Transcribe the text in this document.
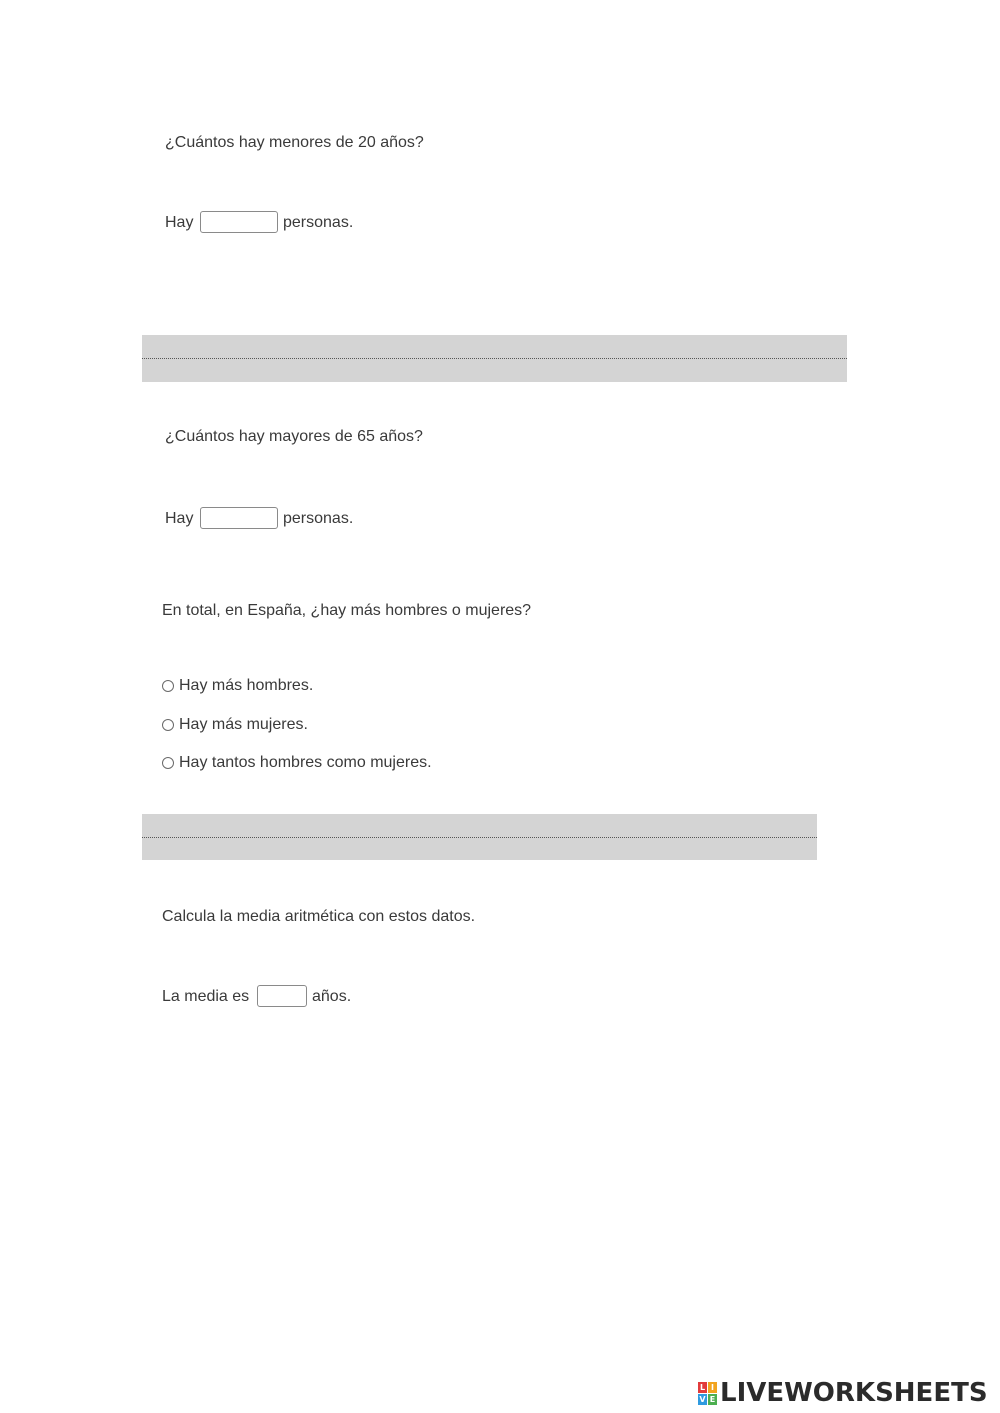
¿Cuántos hay menores de 20 años?
Hay	personas.
¿Cuántos hay mayores de 65 años?
Hay	personas.
En total, en España, ¿hay más hombres o mujeres?
Hay más hombres.
Hay más mujeres.
Hay tantos hombres como mujeres.
Calcula la media aritmética con estos datos.
La media es	años.
L I
V E LIVEWORKSHEETS
